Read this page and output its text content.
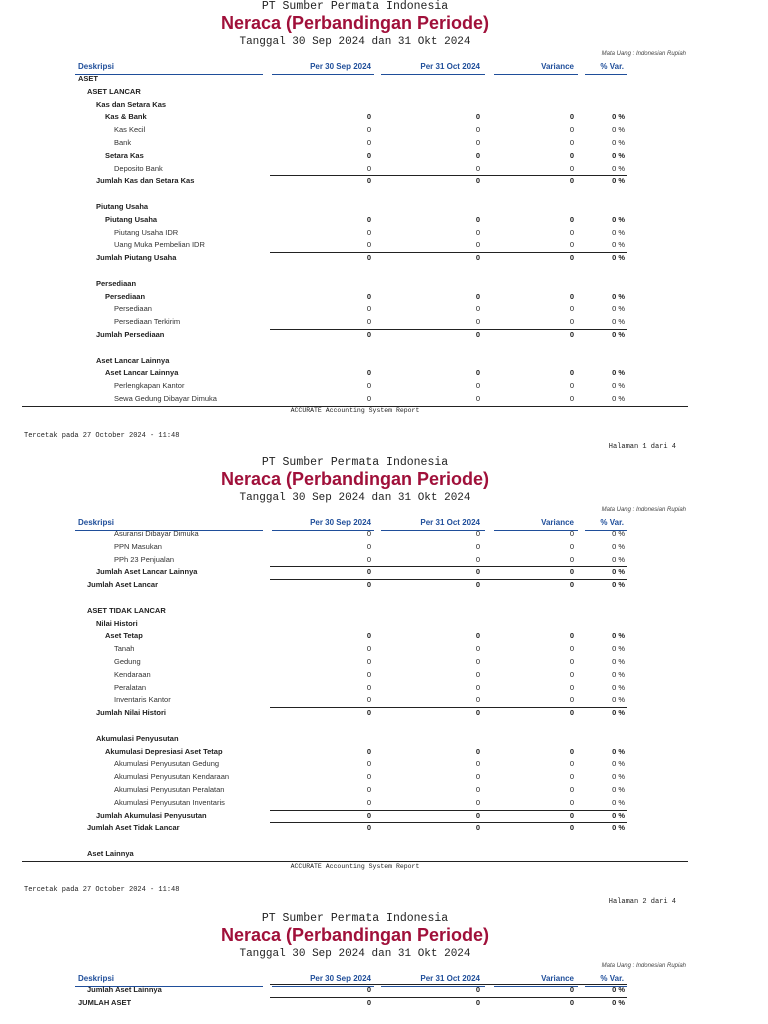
PT Sumber Permata Indonesia
Neraca (Perbandingan Periode)
Tanggal 30 Sep 2024 dan 31 Okt 2024
Mata Uang : Indonesian Rupiah
Deskripsi	Per 30 Sep 2024	Per 31 Oct 2024	Variance	% Var.
ASET
ASET LANCAR
Kas dan Setara Kas
Kas & Bank	0	0	0	0 %
Kas Kecil	0	0	0	0 %
Bank	0	0	0	0 %
Setara Kas	0	0	0	0 %
Deposito Bank	0	0	0	0 %
Jumlah Kas dan Setara Kas	0	0	0	0 %
Piutang Usaha
Piutang Usaha	0	0	0	0 %
Piutang Usaha IDR	0	0	0	0 %
Uang Muka Pembelian IDR	0	0	0	0 %
Jumlah Piutang Usaha	0	0	0	0 %
Persediaan
Persediaan	0	0	0	0 %
Persediaan	0	0	0	0 %
Persediaan Terkirim	0	0	0	0 %
Jumlah Persediaan	0	0	0	0 %
Aset Lancar Lainnya
Aset Lancar Lainnya	0	0	0	0 %
Perlengkapan Kantor	0	0	0	0 %
Sewa Gedung Dibayar Dimuka	0	0	0	0 %
ACCURATE Accounting System Report
Tercetak pada 27 October 2024 - 11:48
Halaman 1 dari 4
PT Sumber Permata Indonesia
Neraca (Perbandingan Periode)
Tanggal 30 Sep 2024 dan 31 Okt 2024
Mata Uang : Indonesian Rupiah
Deskripsi	Per 30 Sep 2024	Per 31 Oct 2024	Variance	% Var.
Asuransi Dibayar Dimuka	0	0	0	0 %
PPN Masukan	0	0	0	0 %
PPh 23 Penjualan	0	0	0	0 %
Jumlah Aset Lancar Lainnya	0	0	0	0 %
Jumlah Aset Lancar	0	0	0	0 %
ASET TIDAK LANCAR
Nilai Histori
Aset Tetap	0	0	0	0 %
Tanah	0	0	0	0 %
Gedung	0	0	0	0 %
Kendaraan	0	0	0	0 %
Peralatan	0	0	0	0 %
Inventaris Kantor	0	0	0	0 %
Jumlah Nilai Histori	0	0	0	0 %
Akumulasi Penyusutan
Akumulasi Depresiasi Aset Tetap	0	0	0	0 %
Akumulasi Penyusutan Gedung	0	0	0	0 %
Akumulasi Penyusutan Kendaraan	0	0	0	0 %
Akumulasi Penyusutan Peralatan	0	0	0	0 %
Akumulasi Penyusutan Inventaris	0	0	0	0 %
Jumlah Akumulasi Penyusutan	0	0	0	0 %
Jumlah Aset Tidak Lancar	0	0	0	0 %
Aset Lainnya
ACCURATE Accounting System Report
Tercetak pada 27 October 2024 - 11:48
Halaman 2 dari 4
PT Sumber Permata Indonesia
Neraca (Perbandingan Periode)
Tanggal 30 Sep 2024 dan 31 Okt 2024
Mata Uang : Indonesian Rupiah
Deskripsi	Per 30 Sep 2024	Per 31 Oct 2024	Variance	% Var.
Jumlah Aset Lainnya	0	0	0	0 %
JUMLAH ASET	0	0	0	0 %
